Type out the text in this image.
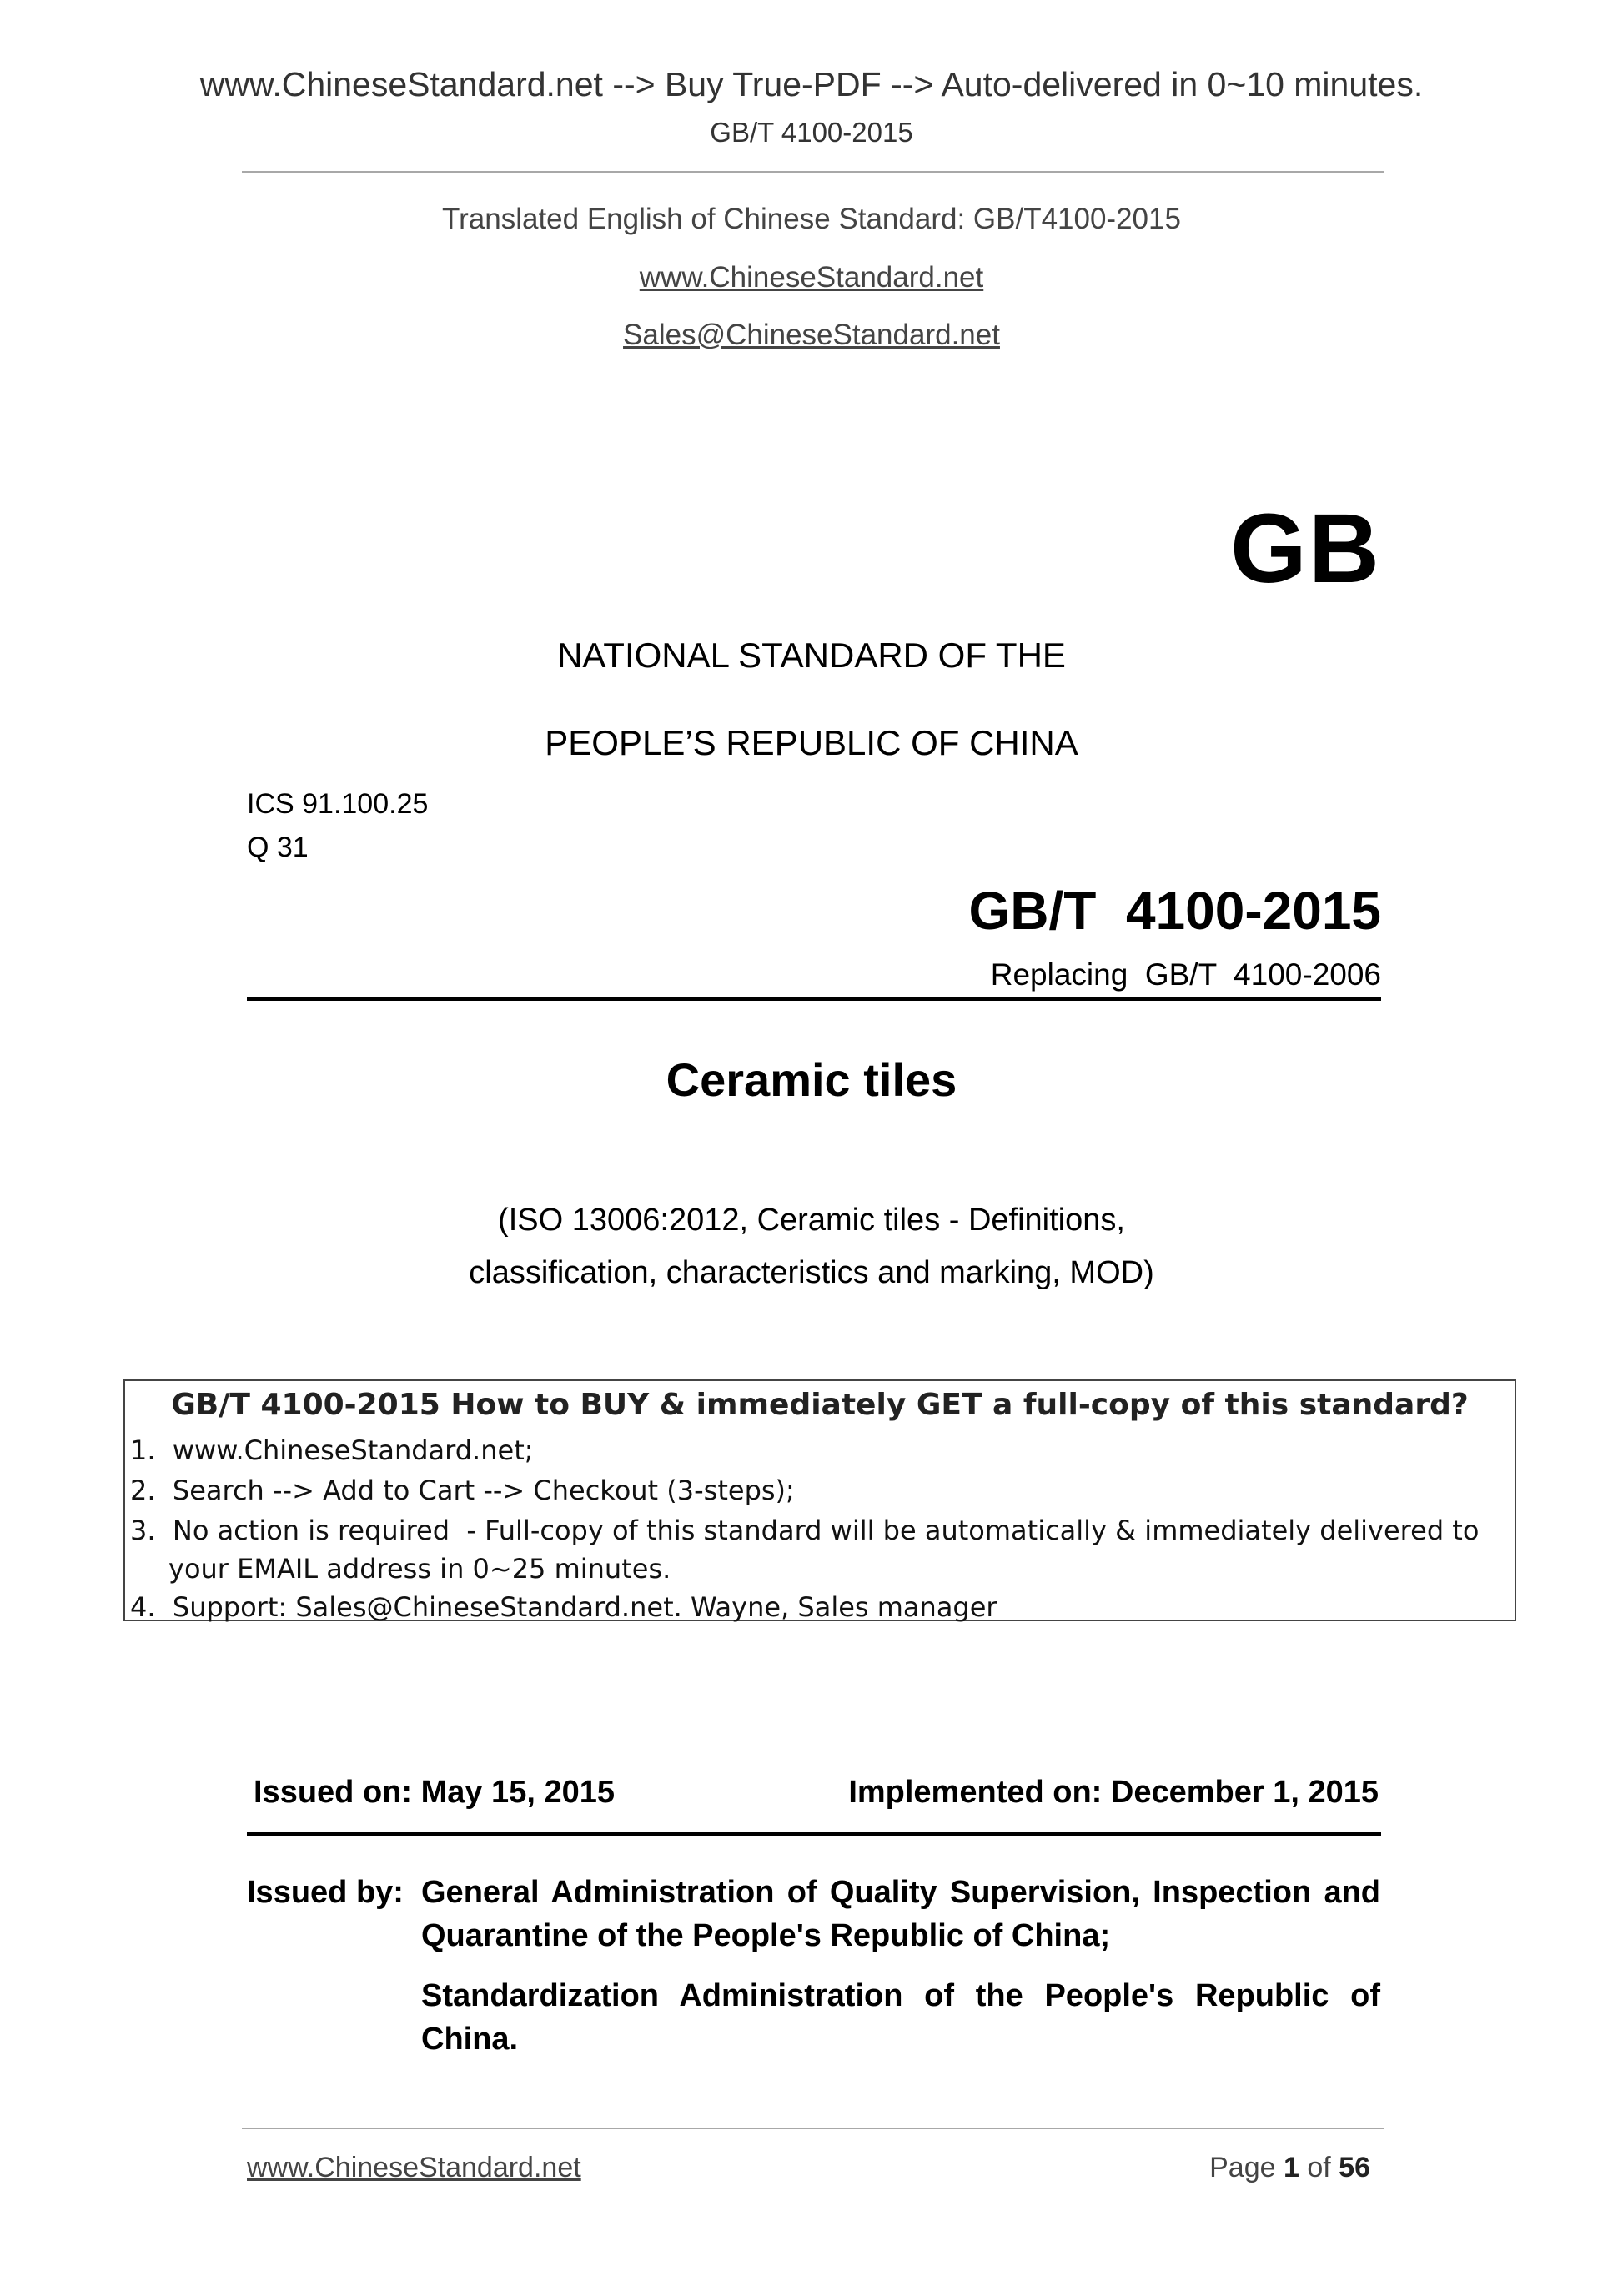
www.ChineseStandard.net --> Buy True-PDF --> Auto-delivered in 0~10 minutes.
GB/T 4100-2015
Translated English of Chinese Standard: GB/T4100-2015
www.ChineseStandard.net
Sales@ChineseStandard.net
GB
NATIONAL STANDARD OF THE
PEOPLE’S REPUBLIC OF CHINA
ICS 91.100.25
Q 31
GB/T  4100-2015
Replacing  GB/T  4100-2006
Ceramic tiles
(ISO 13006:2012, Ceramic tiles - Definitions,
classification, characteristics and marking, MOD)
GB/T 4100-2015 How to BUY & immediately GET a full-copy of this standard?
1.  www.ChineseStandard.net;
2.  Search --> Add to Cart --> Checkout (3-steps);
3.  No action is required  - Full-copy of this standard will be automatically & immediately delivered to
your EMAIL address in 0~25 minutes.
4.  Support: Sales@ChineseStandard.net. Wayne, Sales manager
Issued on: May 15, 2015	Implemented on: December 1, 2015
Issued by: General Administration of Quality Supervision, Inspection and
Quarantine of the People's Republic of China;
Standardization Administration of the People's Republic of
China.
www.ChineseStandard.net	Page 1 of 56
